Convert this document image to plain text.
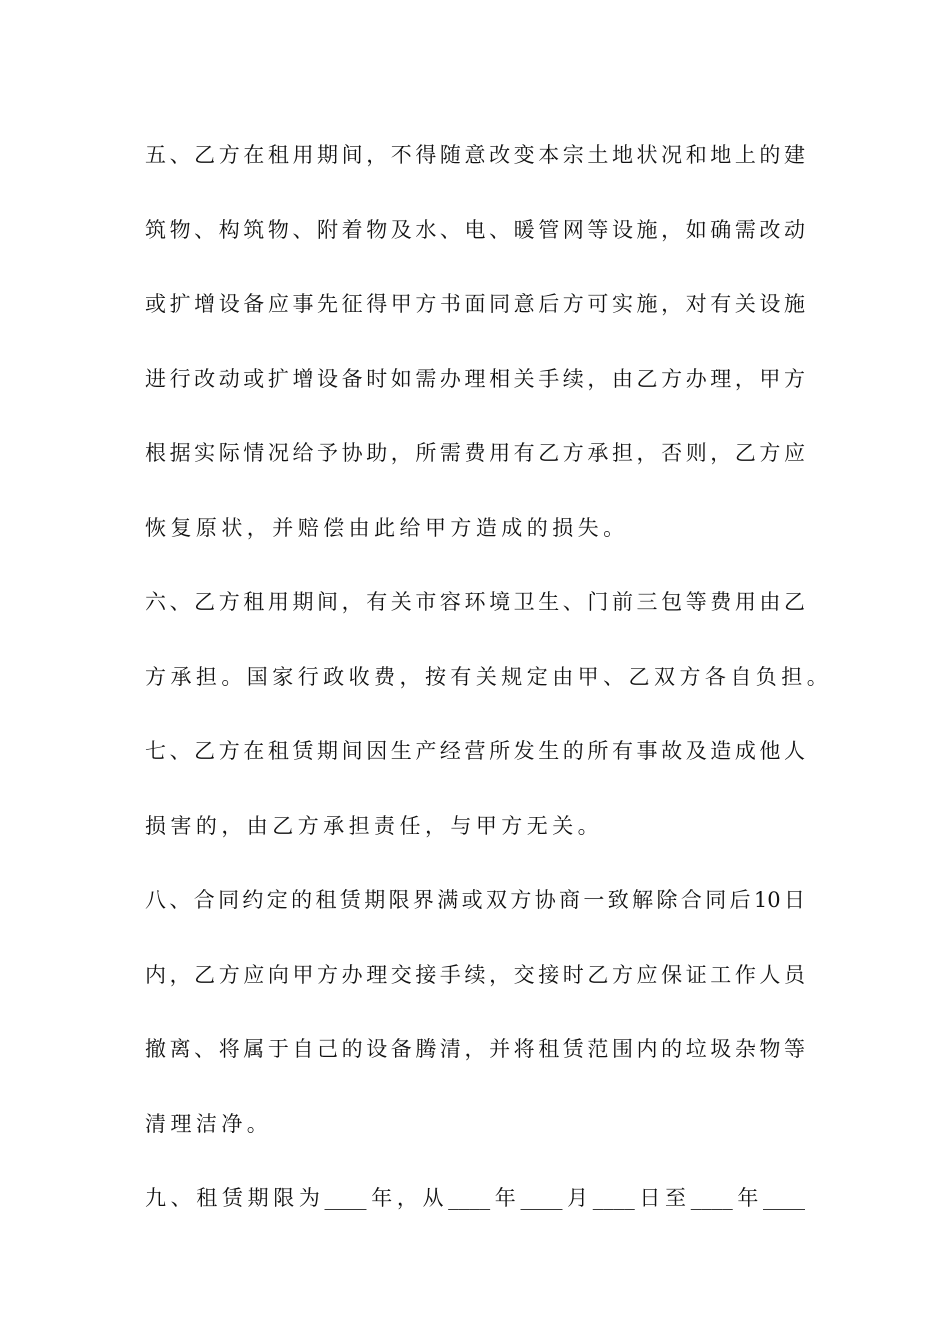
五、乙方在租用期间，不得随意改变本宗土地状况和地上的建
筑物、构筑物、附着物及水、电、暖管网等设施，如确需改动
或扩增设备应事先征得甲方书面同意后方可实施，对有关设施
进行改动或扩增设备时如需办理相关手续，由乙方办理，甲方
根据实际情况给予协助，所需费用有乙方承担，否则，乙方应
恢复原状，并赔偿由此给甲方造成的损失。
六、乙方租用期间，有关市容环境卫生、门前三包等费用由乙
方承担。国家行政收费，按有关规定由甲、乙双方各自负担。
七、乙方在租赁期间因生产经营所发生的所有事故及造成他人
损害的，由乙方承担责任，与甲方无关。
八、合同约定的租赁期限界满或双方协商一致解除合同后10日
内，乙方应向甲方办理交接手续，交接时乙方应保证工作人员
撤离、将属于自己的设备腾清，并将租赁范围内的垃圾杂物等
清理洁净。
九、租赁期限为____年，从____年____月____日至____年____
